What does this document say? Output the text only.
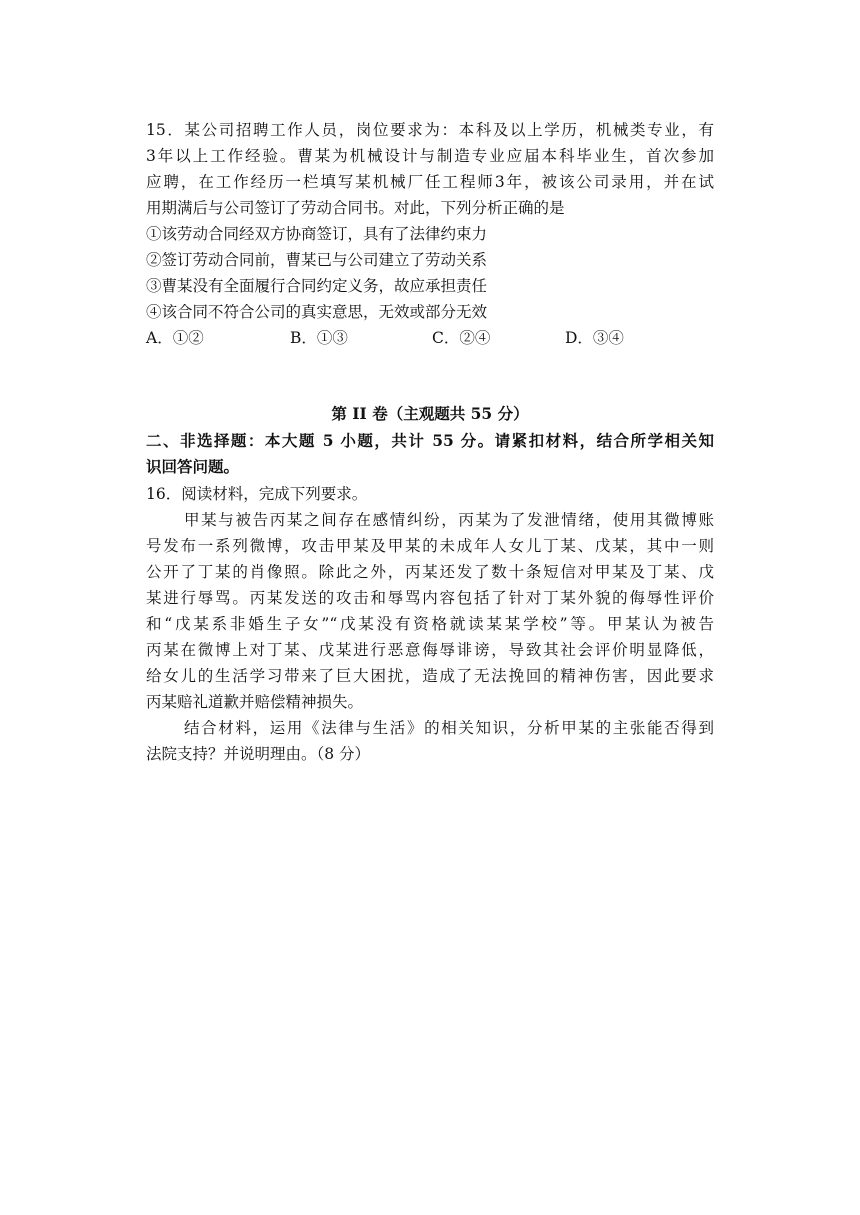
15．某公司招聘工作人员，岗位要求为：本科及以上学历，机械类专业，有
3年以上工作经验。曹某为机械设计与制造专业应届本科毕业生，首次参加
应聘，在工作经历一栏填写某机械厂任工程师3年，被该公司录用，并在试
用期满后与公司签订了劳动合同书。对此，下列分析正确的是
①该劳动合同经双方协商签订，具有了法律约束力
②签订劳动合同前，曹某已与公司建立了劳动关系
③曹某没有全面履行合同约定义务，故应承担责任
④该合同不符合公司的真实意思，无效或部分无效
A．①②	B．①③	C．②④	D．③④
第 II 卷（主观题共 55 分）
二、非选择题：本大题 5 小题，共计 55 分。请紧扣材料，结合所学相关知
识回答问题。
16．阅读材料，完成下列要求。
甲某与被告丙某之间存在感情纠纷，丙某为了发泄情绪，使用其微博账
号发布一系列微博，攻击甲某及甲某的未成年人女儿丁某、戊某，其中一则
公开了丁某的肖像照。除此之外，丙某还发了数十条短信对甲某及丁某、戊
某进行辱骂。丙某发送的攻击和辱骂内容包括了针对丁某外貌的侮辱性评价
和“戊某系非婚生子女”“戊某没有资格就读某某学校”等。甲某认为被告
丙某在微博上对丁某、戊某进行恶意侮辱诽谤，导致其社会评价明显降低，
给女儿的生活学习带来了巨大困扰，造成了无法挽回的精神伤害，因此要求
丙某赔礼道歉并赔偿精神损失。
结合材料，运用《法律与生活》的相关知识，分析甲某的主张能否得到
法院支持？并说明理由。（8 分）
